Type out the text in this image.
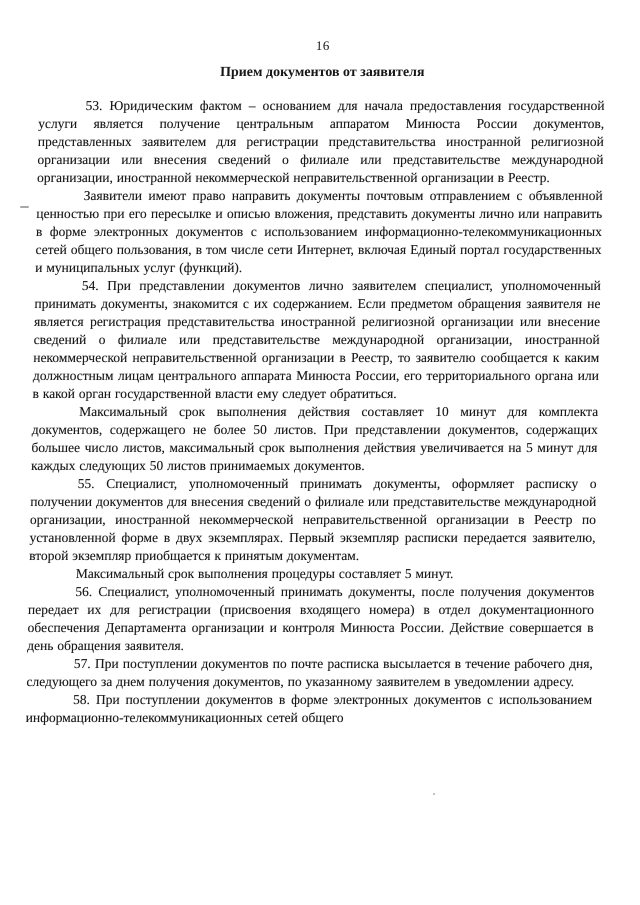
16
Прием документов от заявителя

53. Юридическим фактом – основанием для начала предоставления государственной услуги является получение центральным аппаратом Минюста России документов, представленных заявителем для регистрации представительства иностранной религиозной организации или внесения сведений о филиале или представительстве международной организации, иностранной некоммерческой неправительственной организации в Реестр.

Заявители имеют право направить документы почтовым отправлением с объявленной ценностью при его пересылке и описью вложения, представить документы лично или направить в форме электронных документов с использованием информационно-телекоммуникационных сетей общего пользования, в том числе сети Интернет, включая Единый портал государственных и муниципальных услуг (функций).

54. При представлении документов лично заявителем специалист, уполномоченный принимать документы, знакомится с их содержанием. Если предметом обращения заявителя не является регистрация представительства иностранной религиозной организации или внесение сведений о филиале или представительстве международной организации, иностранной некоммерческой неправительственной организации в Реестр, то заявителю сообщается к каким должностным лицам центрального аппарата Минюста России, его территориального органа или в какой орган государственной власти ему следует обратиться.

Максимальный срок выполнения действия составляет 10 минут для комплекта документов, содержащего не более 50 листов. При представлении документов, содержащих большее число листов, максимальный срок выполнения действия увеличивается на 5 минут для каждых следующих 50 листов принимаемых документов.

55. Специалист, уполномоченный принимать документы, оформляет расписку о получении документов для внесения сведений о филиале или представительстве международной организации, иностранной некоммерческой неправительственной организации в Реестр по установленной форме в двух экземплярах. Первый экземпляр расписки передается заявителю, второй экземпляр приобщается к принятым документам.

Максимальный срок выполнения процедуры составляет 5 минут.

56. Специалист, уполномоченный принимать документы, после получения документов передает их для регистрации (присвоения входящего номера) в отдел документационного обеспечения Департамента организации и контроля Минюста России. Действие совершается в день обращения заявителя.

57. При поступлении документов по почте расписка высылается в течение рабочего дня, следующего за днем получения документов, по указанному заявителем в уведомлении адресу.

58. При поступлении документов в форме электронных документов с использованием информационно-телекоммуникационных сетей общего
